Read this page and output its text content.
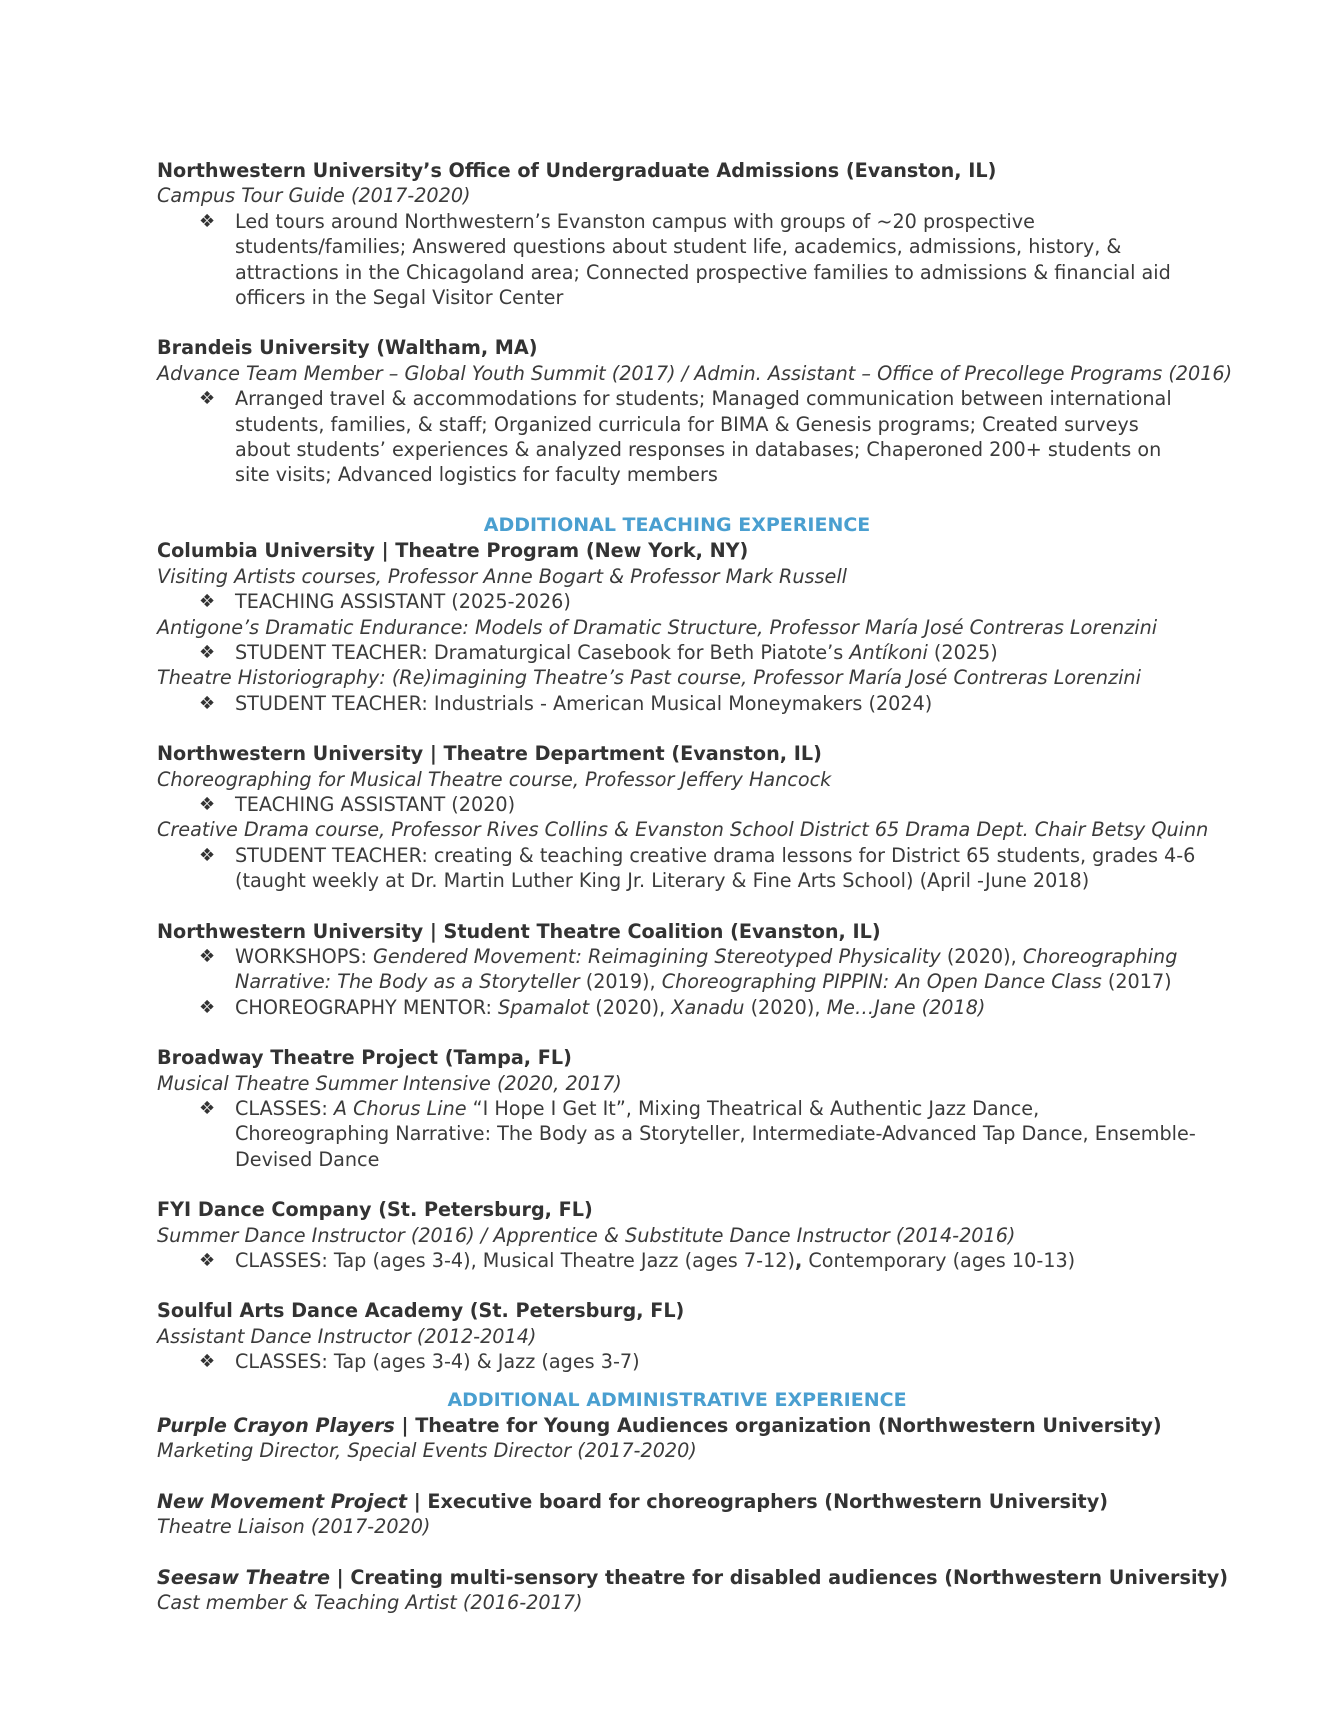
Northwestern University’s Office of Undergraduate Admissions (Evanston, IL)
Campus Tour Guide (2017-2020)
❖	Led tours around Northwestern’s Evanston campus with groups of ~20 prospective students/families; Answered questions about student life, academics, admissions, history, & attractions in the Chicagoland area; Connected prospective families to admissions & financial aid officers in the Segal Visitor Center
Brandeis University (Waltham, MA)
Advance Team Member – Global Youth Summit (2017) / Admin. Assistant – Office of Precollege Programs (2016)
❖	Arranged travel & accommodations for students; Managed communication between international students, families, & staff; Organized curricula for BIMA & Genesis programs; Created surveys about students’ experiences & analyzed responses in databases; Chaperoned 200+ students on site visits; Advanced logistics for faculty members
ADDITIONAL TEACHING EXPERIENCE
Columbia University | Theatre Program (New York, NY)
Visiting Artists courses, Professor Anne Bogart & Professor Mark Russell
❖	TEACHING ASSISTANT (2025-2026)
Antigone’s Dramatic Endurance: Models of Dramatic Structure, Professor María José Contreras Lorenzini
❖	STUDENT TEACHER: Dramaturgical Casebook for Beth Piatote’s Antíkoni (2025)
Theatre Historiography: (Re)imagining Theatre’s Past course, Professor María José Contreras Lorenzini
❖	STUDENT TEACHER: Industrials - American Musical Moneymakers (2024)
Northwestern University | Theatre Department (Evanston, IL)
Choreographing for Musical Theatre course, Professor Jeffery Hancock
❖	TEACHING ASSISTANT (2020)
Creative Drama course, Professor Rives Collins & Evanston School District 65 Drama Dept. Chair Betsy Quinn
❖	STUDENT TEACHER: creating & teaching creative drama lessons for District 65 students, grades 4-6 (taught weekly at Dr. Martin Luther King Jr. Literary & Fine Arts School) (April -June 2018)
Northwestern University | Student Theatre Coalition (Evanston, IL)
❖	WORKSHOPS: Gendered Movement: Reimagining Stereotyped Physicality (2020), Choreographing Narrative: The Body as a Storyteller (2019), Choreographing PIPPIN: An Open Dance Class (2017)
❖	CHOREOGRAPHY MENTOR: Spamalot (2020), Xanadu (2020), Me…Jane (2018)
Broadway Theatre Project (Tampa, FL)
Musical Theatre Summer Intensive (2020, 2017)
❖	CLASSES: A Chorus Line “I Hope I Get It”, Mixing Theatrical & Authentic Jazz Dance, Choreographing Narrative: The Body as a Storyteller, Intermediate-Advanced Tap Dance, Ensemble-Devised Dance
FYI Dance Company (St. Petersburg, FL)
Summer Dance Instructor (2016) / Apprentice & Substitute Dance Instructor (2014-2016)
❖	CLASSES: Tap (ages 3-4), Musical Theatre Jazz (ages 7-12), Contemporary (ages 10-13)
Soulful Arts Dance Academy (St. Petersburg, FL)
Assistant Dance Instructor (2012-2014)
❖	CLASSES: Tap (ages 3-4) & Jazz (ages 3-7)
ADDITIONAL ADMINISTRATIVE EXPERIENCE
Purple Crayon Players | Theatre for Young Audiences organization (Northwestern University)
Marketing Director, Special Events Director (2017-2020)
New Movement Project | Executive board for choreographers (Northwestern University)
Theatre Liaison (2017-2020)
Seesaw Theatre | Creating multi-sensory theatre for disabled audiences (Northwestern University)
Cast member & Teaching Artist (2016-2017)
